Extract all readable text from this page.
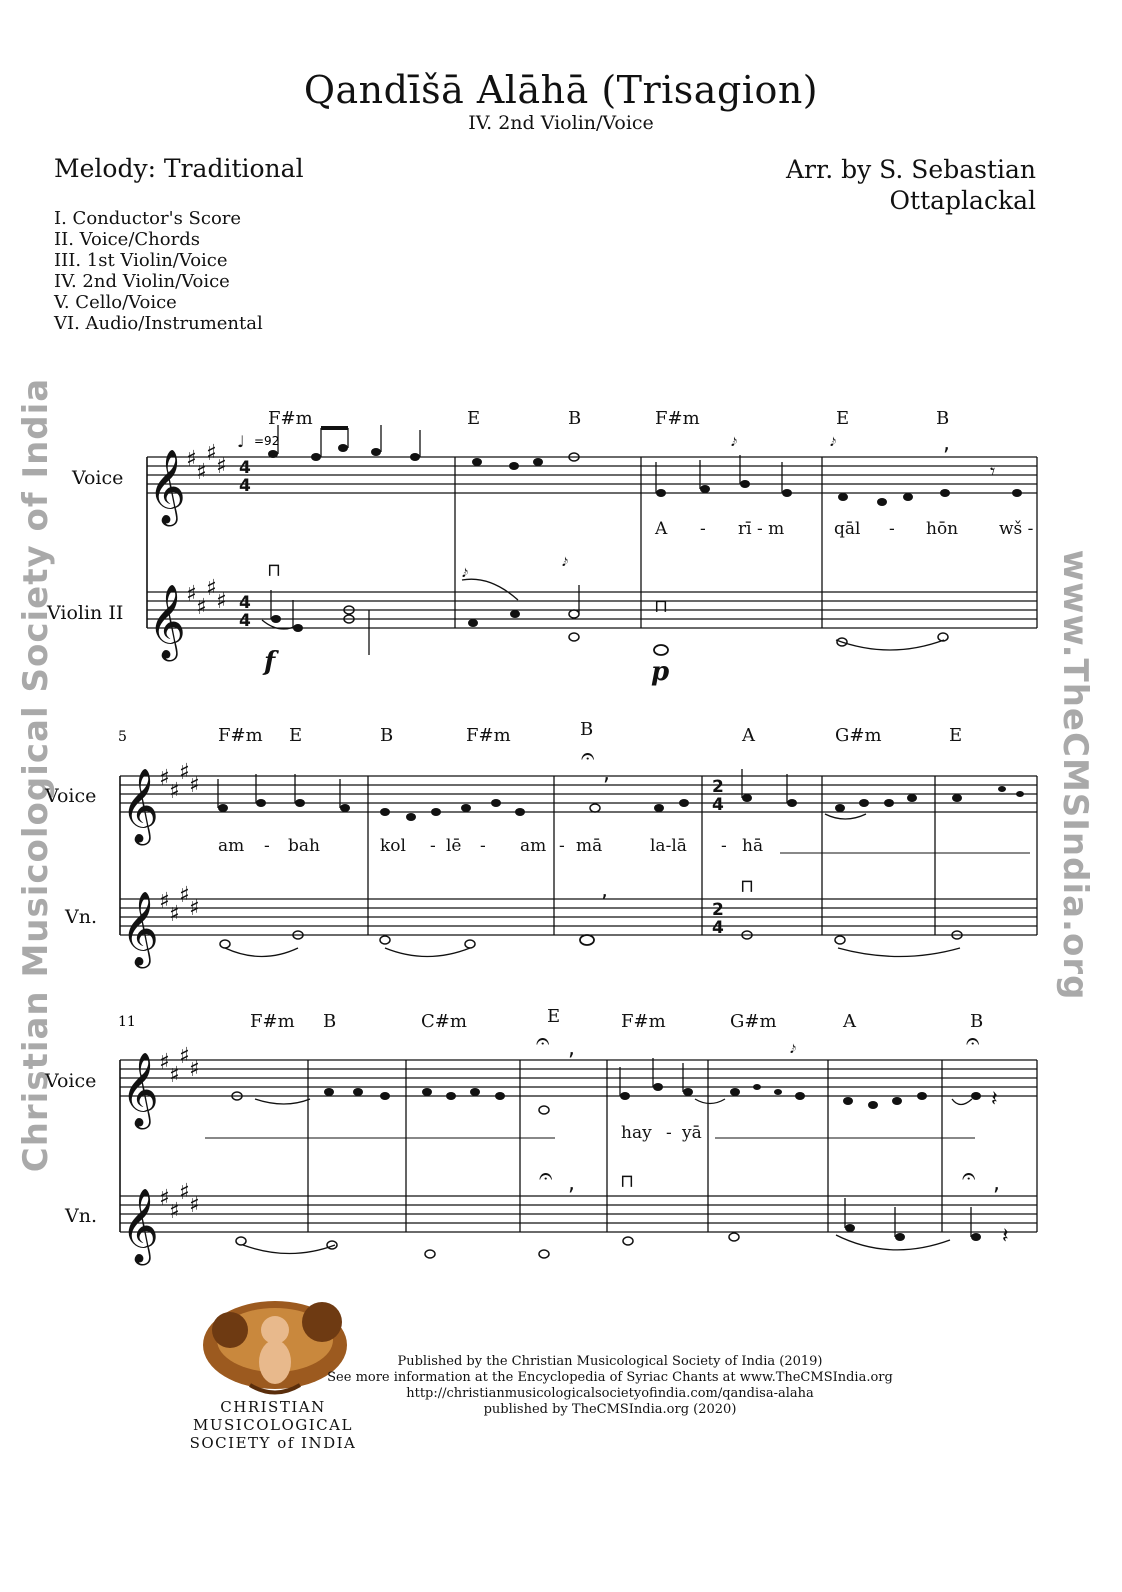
Qandīšā Alāhā (Trisagion)
IV. 2nd Violin/Voice
Melody: Traditional	Arr. by S. Sebastian
Ottaplackal
I. Conductor's Score
II. Voice/Chords
III. 1st Violin/Voice
IV. 2nd Violin/Voice
V. Cello/Voice
VI. Audio/Instrumental
Christian Musicological Society of India	www.TheCMSIndia.org
𝄞
𝄞
𝄞
𝄞
𝄞
𝄞
♯
♯
♯
♯
♯
♯
♯
♯
♯
♯
♯
♯
♯
♯
♯
♯
♯
♯
♯
♯
♯
♯
♯
♯
4
4
4
4
2
4
2
4
𝄾
𝄽
𝄽
,
,
,
,
,	,
𝄐
𝄐
𝄐
𝄐
𝄐
𝆔	𝆔
𝆔
𝆔
𝆔
⊓
⊓
⊓
⊓
♩
Voice
Violin II
Voice
Vn.
Voice
Vn.
=92
5
11
F#m	E	B	F#m	E	B
F#m E	B	F#m	B	A	G#m	E
F#m B	C#m	E	F#m	G#m	A	B
A - rī - m	qāl - hōn wš -
am - bah	kol - lē - am - mā	la-lā - hā
hay - yā
f	p
CHRISTIAN
MUSICOLOGICAL
SOCIETY of INDIA
Published by the Christian Musicological Society of India (2019)
See more information at the Encyclopedia of Syriac Chants at www.TheCMSIndia.org
http://christianmusicologicalsocietyofindia.com/qandisa-alaha
published by TheCMSIndia.org (2020)
